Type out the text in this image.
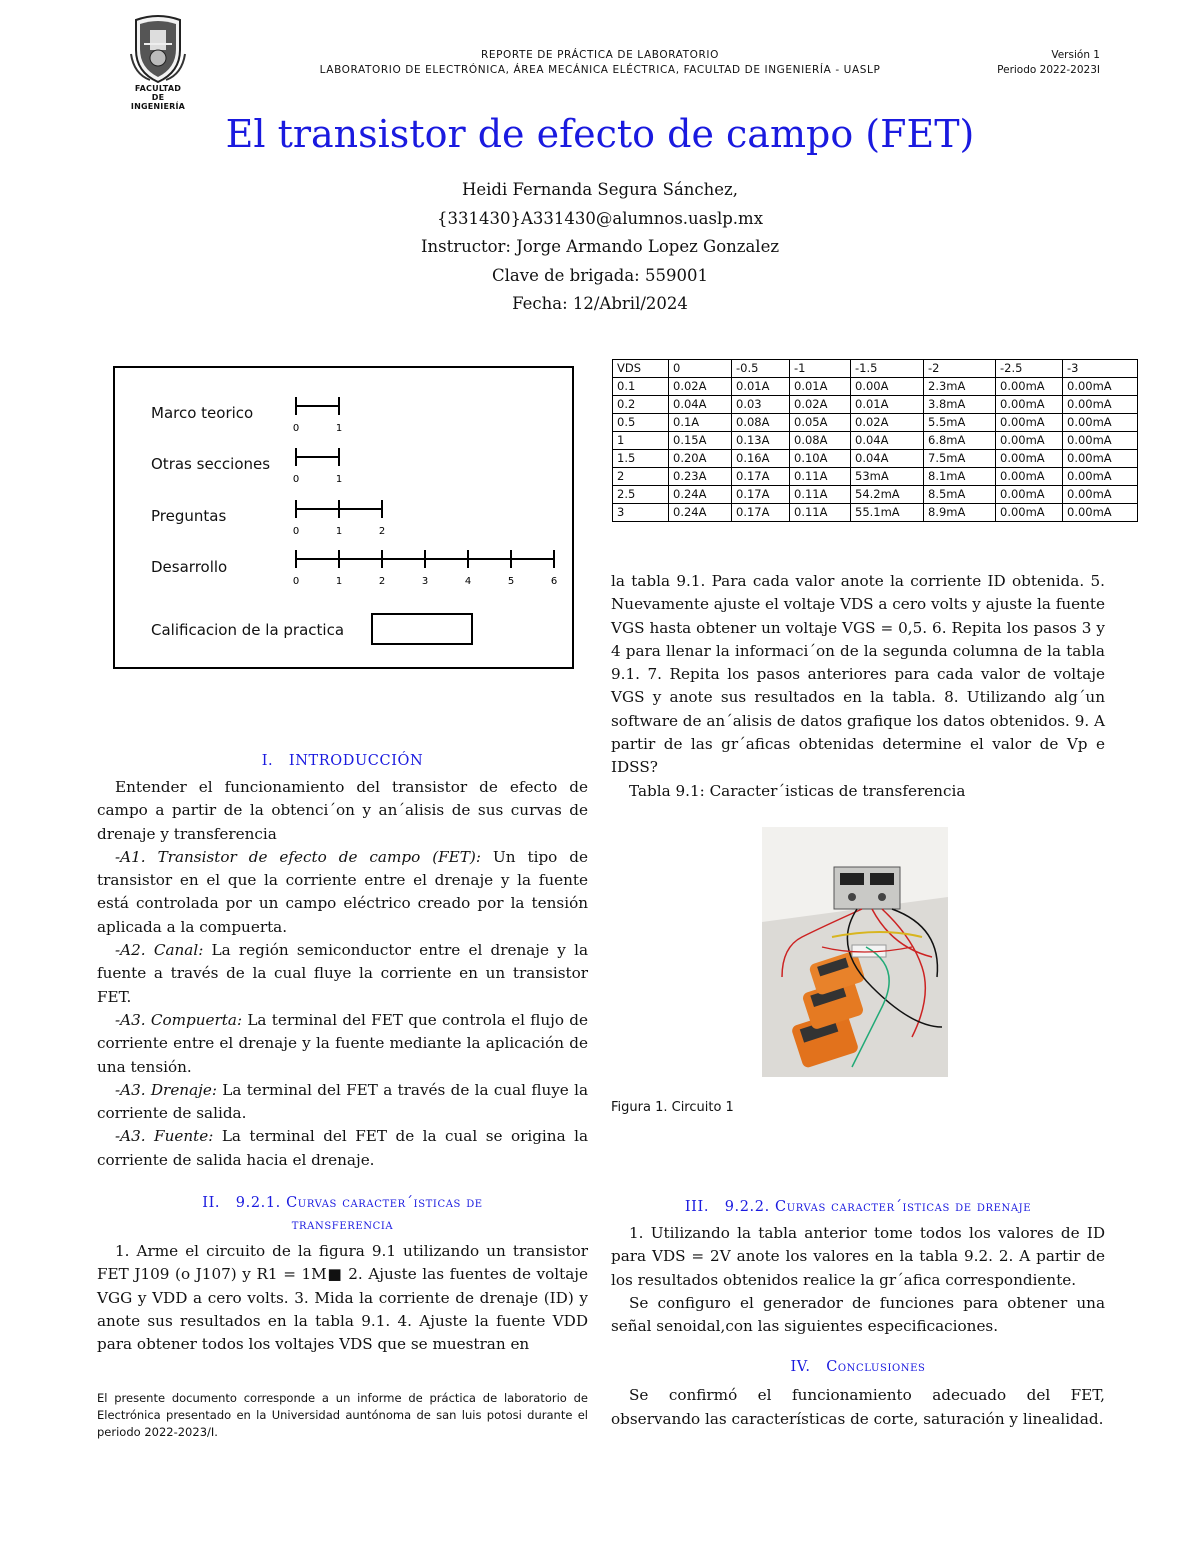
FACULTAD DE
INGENIERÍA
REPORTE DE PRÁCTICA DE LABORATORIO
LABORATORIO DE ELECTRÓNICA, ÁREA MECÁNICA ELÉCTRICA, FACULTAD DE INGENIERÍA - UASLP
Versión 1
Periodo 2022-2023I
El transistor de efecto de campo (FET)
Heidi Fernanda Segura Sánchez,
{331430}A331430@alumnos.uaslp.mx
Instructor: Jorge Armando Lopez Gonzalez
Clave de brigada: 559001
Fecha: 12/Abril/2024
Marco teorico
Otras secciones
Preguntas
Desarrollo
0	1
0	1
0	1	2
0	1	2	3	4	5	6
Calificacion de la practica
I. INTRODUCCIÓN

Entender el funcionamiento del transistor de efecto de campo a partir de la obtenci´on y an´alisis de sus curvas de drenaje y transferencia

-A1. Transistor de efecto de campo (FET): Un tipo de transistor en el que la corriente entre el drenaje y la fuente está controlada por un campo eléctrico creado por la tensión aplicada a la compuerta.

-A2. Canal: La región semiconductor entre el drenaje y la fuente a través de la cual fluye la corriente en un transistor FET.

-A3. Compuerta: La terminal del FET que controla el flujo de corriente entre el drenaje y la fuente mediante la aplicación de una tensión.

-A3. Drenaje: La terminal del FET a través de la cual fluye la corriente de salida.

-A3. Fuente: La terminal del FET de la cual se origina la corriente de salida hacia el drenaje.

II. 9.2.1. Curvas caracter´isticas de
transferencia

1. Arme el circuito de la figura 9.1 utilizando un transistor FET J109 (o J107) y R1 = 1M■ 2. Ajuste las fuentes de voltaje VGG y VDD a cero volts. 3. Mida la corriente de drenaje (ID) y anote sus resultados en la tabla 9.1. 4. Ajuste la fuente VDD para obtener todos los voltajes VDS que se muestran en

El presente documento corresponde a un informe de práctica de laboratorio de Electrónica presentado en la Universidad auntónoma de san luis potosi durante el periodo 2022-2023/I.
VDS	0	-0.5	-1	-1.5	-2	-2.5	-3
0.1	0.02A	0.01A	0.01A	0.00A	2.3mA	0.00mA	0.00mA
0.2	0.04A	0.03	0.02A	0.01A	3.8mA	0.00mA	0.00mA
0.5	0.1A	0.08A	0.05A	0.02A	5.5mA	0.00mA	0.00mA
1	0.15A	0.13A	0.08A	0.04A	6.8mA	0.00mA	0.00mA
1.5	0.20A	0.16A	0.10A	0.04A	7.5mA	0.00mA	0.00mA
2	0.23A	0.17A	0.11A	53mA	8.1mA	0.00mA	0.00mA
2.5	0.24A	0.17A	0.11A	54.2mA	8.5mA	0.00mA	0.00mA
3	0.24A	0.17A	0.11A	55.1mA	8.9mA	0.00mA	0.00mA

la tabla 9.1. Para cada valor anote la corriente ID obtenida. 5. Nuevamente ajuste el voltaje VDS a cero volts y ajuste la fuente VGS hasta obtener un voltaje VGS = 0,5. 6. Repita los pasos 3 y 4 para llenar la informaci´on de la segunda columna de la tabla 9.1. 7. Repita los pasos anteriores para cada valor de voltaje VGS y anote sus resultados en la tabla. 8. Utilizando alg´un software de an´alisis de datos grafique los datos obtenidos. 9. A partir de las gr´aficas obtenidas determine el valor de Vp e IDSS?

Tabla 9.1: Caracter´isticas de transferencia

Figura 1. Circuito 1
III. 9.2.2. Curvas caracter´isticas de drenaje

1. Utilizando la tabla anterior tome todos los valores de ID para VDS = 2V anote los valores en la tabla 9.2. 2. A partir de los resultados obtenidos realice la gr´afica correspondiente.

Se configuro el generador de funciones para obtener una señal senoidal,con las siguientes especificaciones.

IV. Conclusiones

Se confirmó el funcionamiento adecuado del FET, observando las características de corte, saturación y linealidad.
